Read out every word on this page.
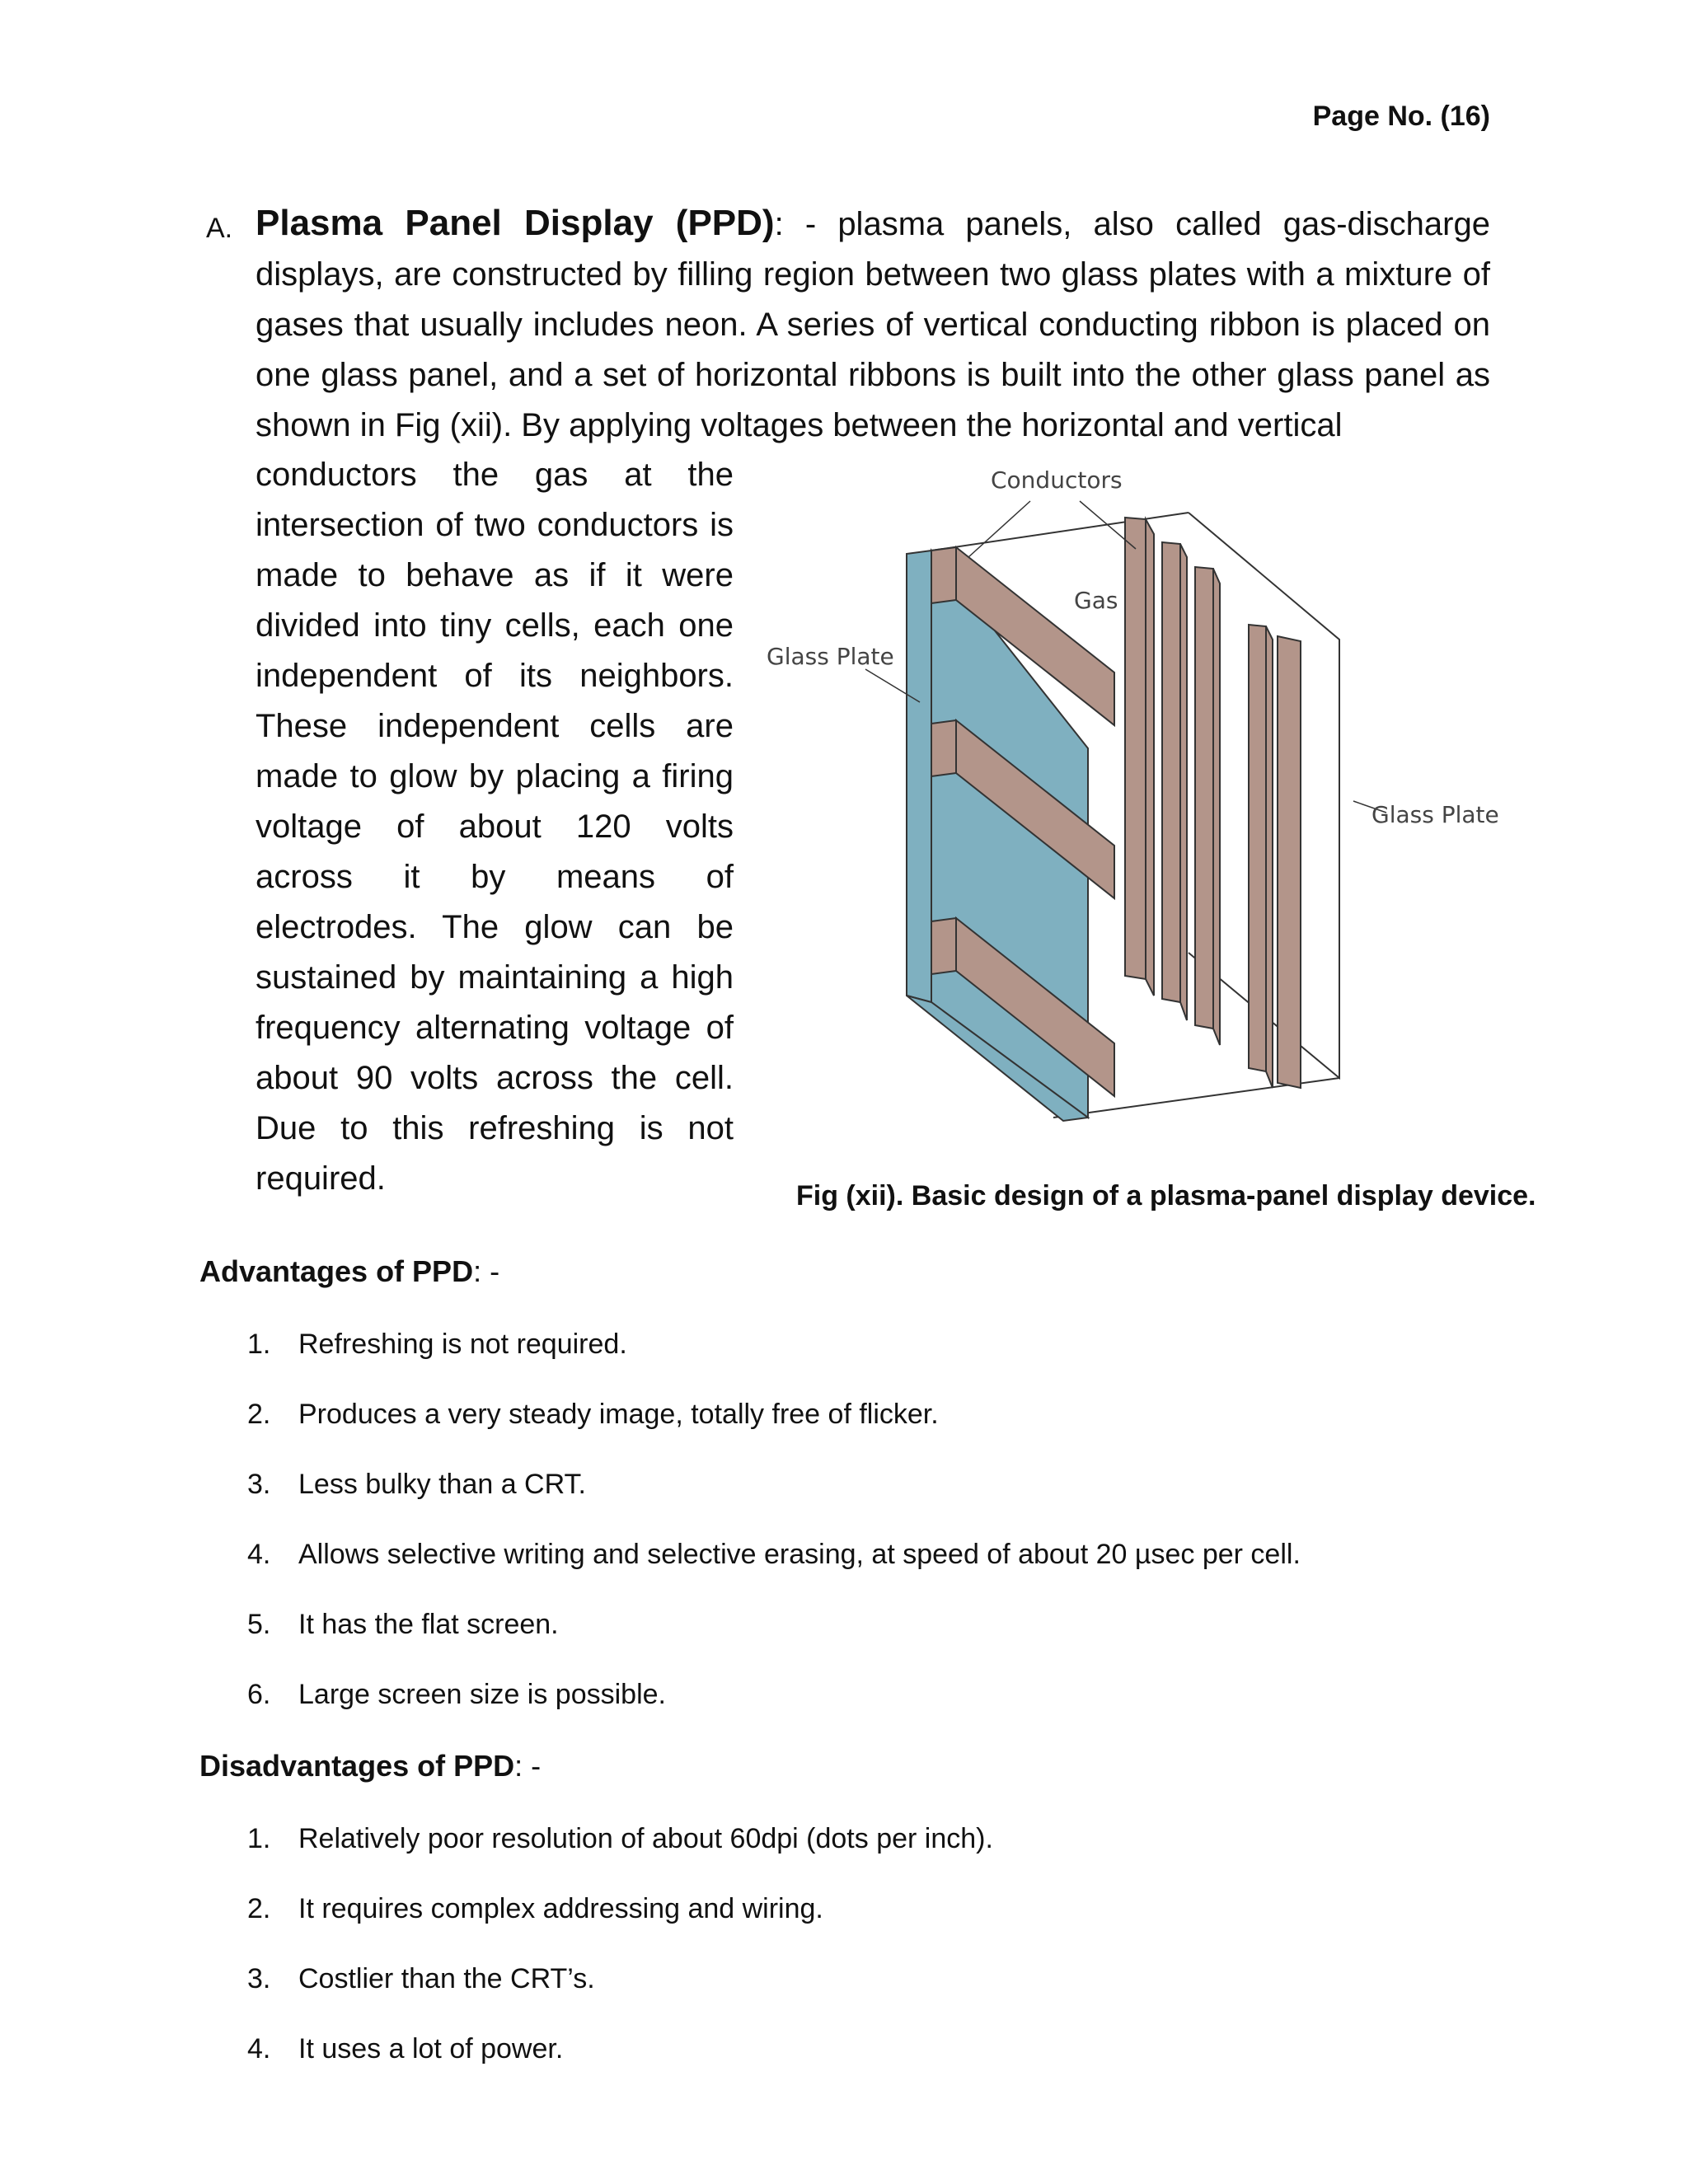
Page No. (16)
A. Plasma Panel Display (PPD): - plasma panels, also called gas-discharge displays, are constructed by filling region between two glass plates with a mixture of gases that usually includes neon. A series of vertical conducting ribbon is placed on one glass panel, and a set of horizontal ribbons is built into the other glass panel as shown in Fig (xii). By applying voltages between the horizontal and vertical

conductors the gas at the intersection of two conductors is made to behave as if it were divided into tiny cells, each one independent of its neighbors. These independent cells are made to glow by placing a firing voltage of about 120 volts across it by means of electrodes. The glow can be sustained by maintaining a high frequency alternating voltage of about 90 volts across the cell. Due to this refreshing is not required.

Conductors
Gas
Glass Plate
Glass Plate
Fig (xii). Basic design of a plasma-panel display device.
Advantages of PPD: -
1. Refreshing is not required.
2. Produces a very steady image, totally free of flicker.
3. Less bulky than a CRT.
4. Allows selective writing and selective erasing, at speed of about 20 µsec per cell.
5. It has the flat screen.
6. Large screen size is possible.
Disadvantages of PPD: -
1. Relatively poor resolution of about 60dpi (dots per inch).
2. It requires complex addressing and wiring.
3. Costlier than the CRT’s.
4. It uses a lot of power.
